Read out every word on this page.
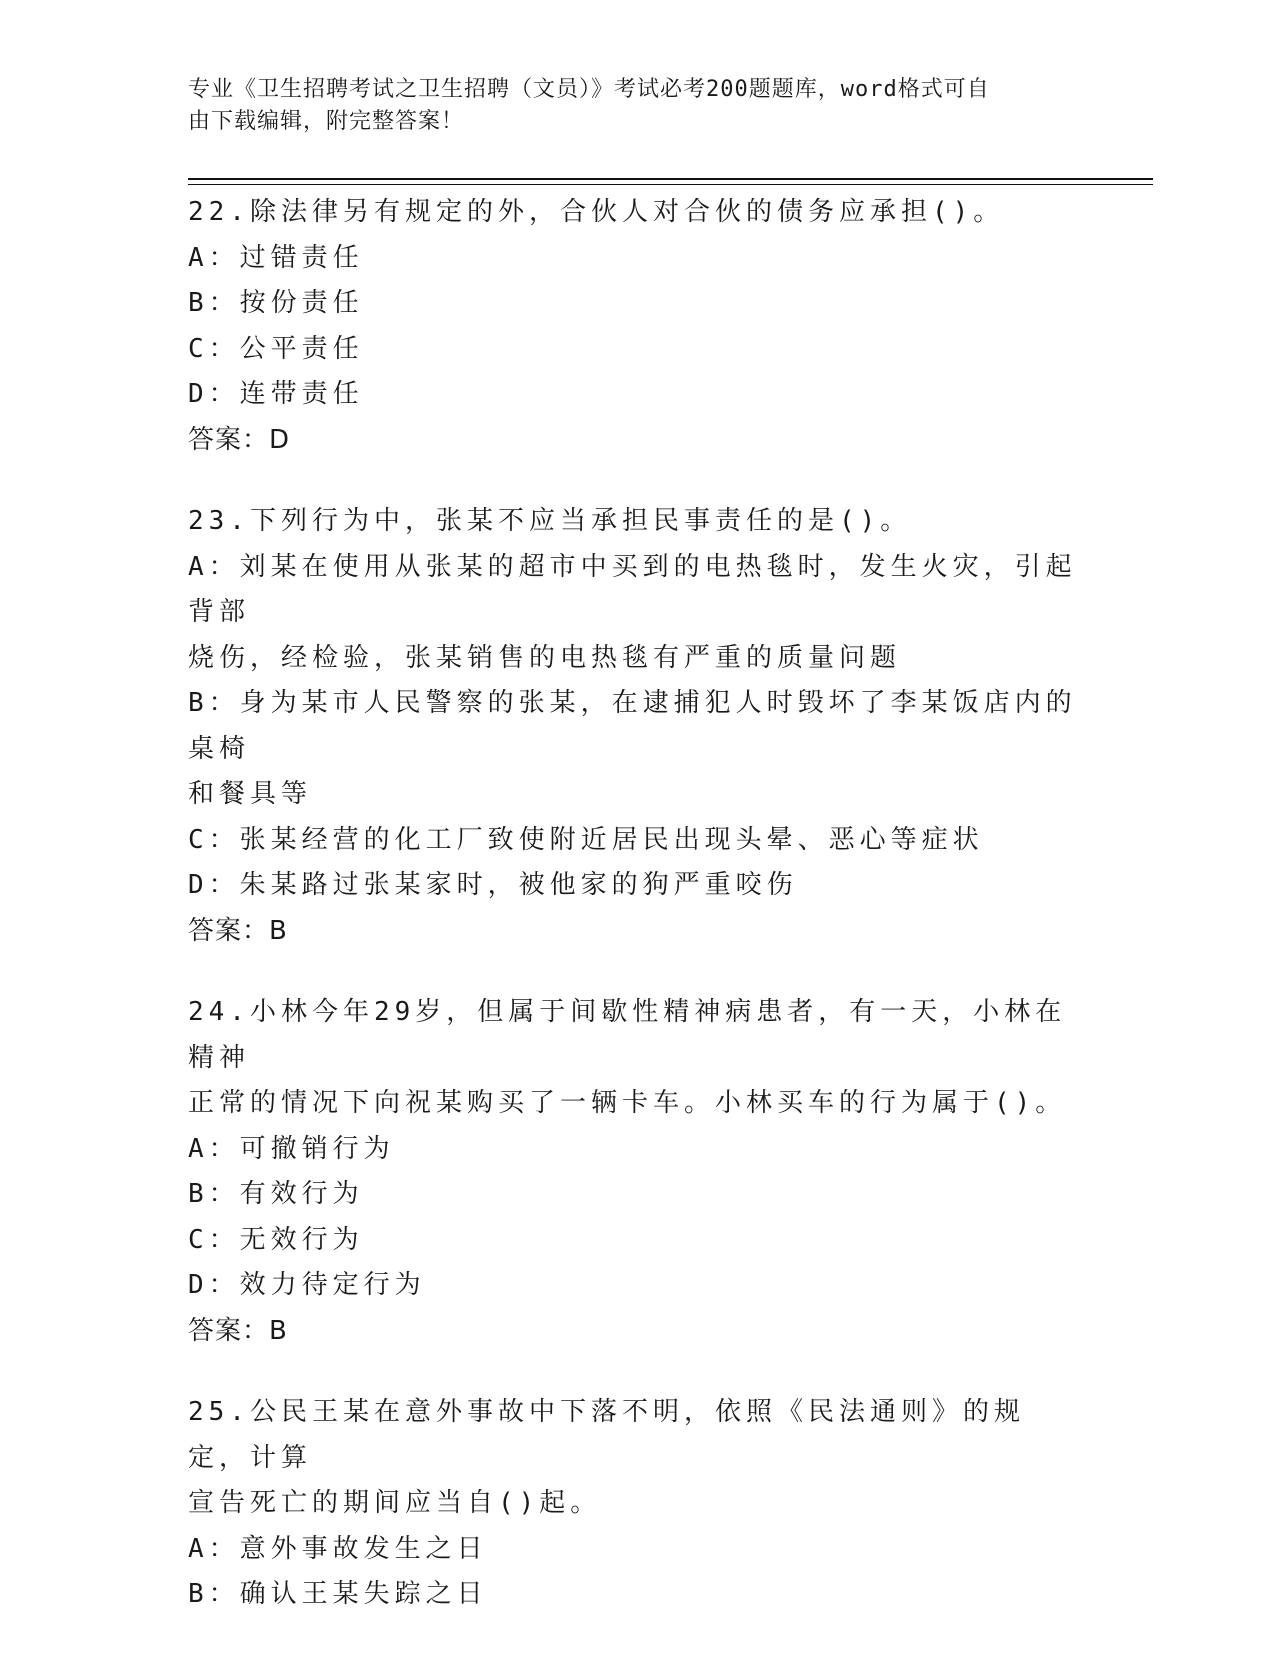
专业《卫生招聘考试之卫生招聘（文员）》考试必考200题题库，word格式可自
由下载编辑，附完整答案！

22.除法律另有规定的外，合伙人对合伙的债务应承担()。

A：过错责任

B：按份责任

C：公平责任

D：连带责任

答案：D

23.下列行为中，张某不应当承担民事责任的是()。

A：刘某在使用从张某的超市中买到的电热毯时，发生火灾，引起背部

烧伤，经检验，张某销售的电热毯有严重的质量问题

B：身为某市人民警察的张某，在逮捕犯人时毁坏了李某饭店内的桌椅

和餐具等

C：张某经营的化工厂致使附近居民出现头晕、恶心等症状

D：朱某路过张某家时，被他家的狗严重咬伤

答案：B

24.小林今年29岁，但属于间歇性精神病患者，有一天，小林在精神

正常的情况下向祝某购买了一辆卡车。小林买车的行为属于()。

A：可撤销行为

B：有效行为

C：无效行为

D：效力待定行为

答案：B

25.公民王某在意外事故中下落不明，依照《民法通则》的规定，计算

宣告死亡的期间应当自()起。

A：意外事故发生之日

B：确认王某失踪之日
